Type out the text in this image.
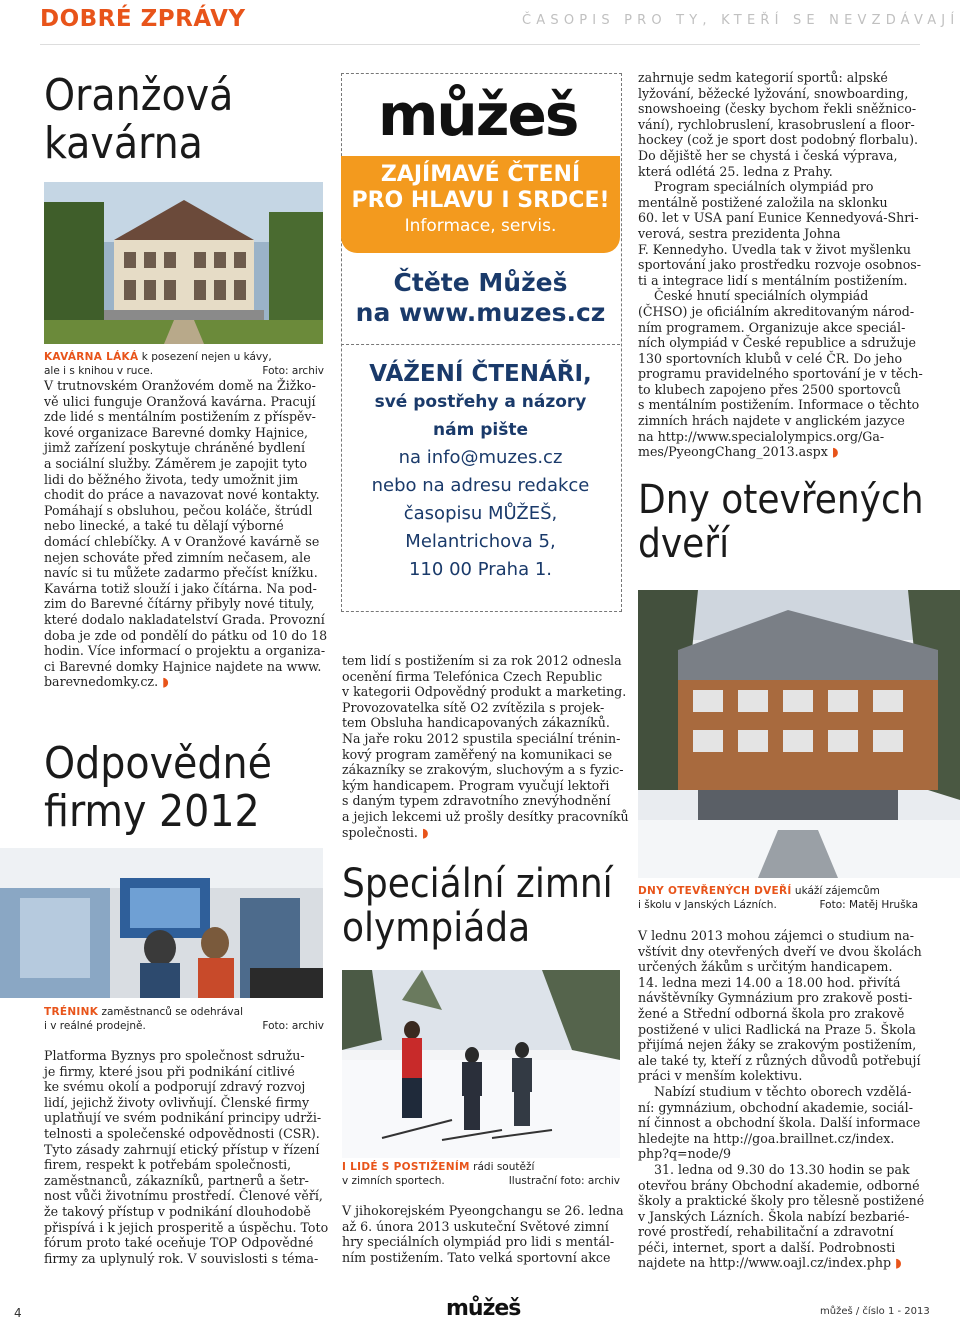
DOBRÉ ZPRÁVY	ČASOPIS PRO TY, KTEŘÍ SE NEVZDÁVAJÍ
Oranžová
kavárna
KAVÁRNA LÁKÁ k posezení nejen u kávy,
ale i s knihou v ruce.	Foto: archiv
V trutnovském Oranžovém domě na Žižko-
vě ulici funguje Oranžová kavárna. Pracují
zde lidé s mentálním postižením z příspěv-
kové organizace Barevné domky Hajnice,
jimž zařízení poskytuje chráněné bydlení
a sociální služby. Záměrem je zapojit tyto
lidi do běžného života, tedy umožnit jim
chodit do práce a navazovat nové kontakty.
Pomáhají s obsluhou, pečou koláče, štrúdl
nebo linecké, a také tu dělají výborné
domácí chlebíčky. A v Oranžové kavárně se
nejen schováte před zimním nečasem, ale
navíc si tu můžete zadarmo přečíst knížku.
Kavárna totiž slouží i jako čítárna. Na pod-
zim do Barevné čítárny přibyly nové tituly,
které dodalo nakladatelství Grada. Provozní
doba je zde od pondělí do pátku od 10 do 18
hodin. Více informací o projektu a organiza-
ci Barevné domky Hajnice najdete na www.
barevnedomky.cz. ◗
Odpovědné
firmy 2012
TRÉNINK zaměstnanců se odehrával
i v reálné prodejně.	Foto: archiv
Platforma Byznys pro společnost sdružu-
je firmy, které jsou při podnikání citlivé
ke svému okolí a podporují zdravý rozvoj
lidí, jejichž životy ovlivňují. Členské firmy
uplatňují ve svém podnikání principy udrži-
telnosti a společenské odpovědnosti (CSR).
Tyto zásady zahrnují etický přístup v řízení
firem, respekt k potřebám společnosti,
zaměstnanců, zákazníků, partnerů a šetr-
nost vůči životnímu prostředí. Členové věří,
že takový přístup v podnikání dlouhodobě
přispívá i k jejich prosperitě a úspěchu. Toto
fórum proto také oceňuje TOP Odpovědné
firmy za uplynulý rok. V souvislosti s téma-
můžeš
ZAJÍMAVÉ ČTENÍ
PRO HLAVU I SRDCE!
Informace, servis.
Čtěte Můžeš
na www.muzes.cz
VÁŽENÍ ČTENÁŘI,
své postřehy a názory
nám pište
na info@muzes.cz
nebo na adresu redakce
časopisu MŮŽEŠ,
Melantrichova 5,
110 00 Praha 1.
tem lidí s postižením si za rok 2012 odnesla
ocenění firma Telefónica Czech Republic
v kategorii Odpovědný produkt a marketing.
Provozovatelka sítě O2 zvítězila s projek-
tem Obsluha handicapovaných zákazníků.
Na jaře roku 2012 spustila speciální trénin-
kový program zaměřený na komunikaci se
zákazníky se zrakovým, sluchovým a s fyzic-
kým handicapem. Program vyučují lektoři
s daným typem zdravotního znevýhodnění
a jejich lekcemi už prošly desítky pracovníků
společnosti. ◗
Speciální zimní
olympiáda
I LIDÉ S POSTIŽENÍM rádi soutěží
v zimních sportech.	Ilustrační foto: archiv
V jihokorejském Pyeongchangu se 26. ledna
až 6. února 2013 uskuteční Světové zimní
hry speciálních olympiád pro lidi s mentál-
ním postižením. Tato velká sportovní akce
zahrnuje sedm kategorií sportů: alpské
lyžování, běžecké lyžování, snowboarding,
snowshoeing (česky bychom řekli sněžnico-
vání), rychlobruslení, krasobruslení a floor-
hockey (což je sport dost podobný florbalu).
Do dějiště her se chystá i česká výprava,
která odlétá 25. ledna z Prahy.
Program speciálních olympiád pro
mentálně postižené založila na sklonku
60. let v USA paní Eunice Kennedyová-Shri-
verová, sestra prezidenta Johna
F. Kennedyho. Uvedla tak v život myšlenku
sportování jako prostředku rozvoje osobnos-
ti a integrace lidí s mentálním postižením.
České hnutí speciálních olympiád
(ČHSO) je oficiálním akreditovaným národ-
ním programem. Organizuje akce speciál-
ních olympiád v České republice a sdružuje
130 sportovních klubů v celé ČR. Do jeho
programu pravidelného sportování je v těch-
to klubech zapojeno přes 2500 sportovců
s mentálním postižením. Informace o těchto
zimních hrách najdete v anglickém jazyce
na http://www.specialolympics.org/Ga-
mes/PyeongChang_2013.aspx ◗
Dny otevřených
dveří
DNY OTEVŘENÝCH DVEŘÍ ukáží zájemcům
i školu v Janských Lázních.	Foto: Matěj Hruška
V lednu 2013 mohou zájemci o studium na-
vštívit dny otevřených dveří ve dvou školách
určených žákům s určitým handicapem.
14. ledna mezi 14.00 a 18.00 hod. přivítá
návštěvníky Gymnázium pro zrakově posti-
žené a Střední odborná škola pro zrakově
postižené v ulici Radlická na Praze 5. Škola
přijímá nejen žáky se zrakovým postižením,
ale také ty, kteří z různých důvodů potřebují
práci v menším kolektivu.
Nabízí studium v těchto oborech vzdělá-
ní: gymnázium, obchodní akademie, sociál-
ní činnost a obchodní škola. Další informace
hledejte na http://goa.braillnet.cz/index.
php?q=node/9
31. ledna od 9.30 do 13.30 hodin se pak
otevřou brány Obchodní akademie, odborné
školy a praktické školy pro tělesně postižené
v Janských Lázních. Škola nabízí bezbarié-
rové prostředí, rehabilitační a zdravotní
péči, internet, sport a další. Podrobnosti
najdete na http://www.oajl.cz/index.php ◗
4	můžeš	můžeš / číslo 1 - 2013
